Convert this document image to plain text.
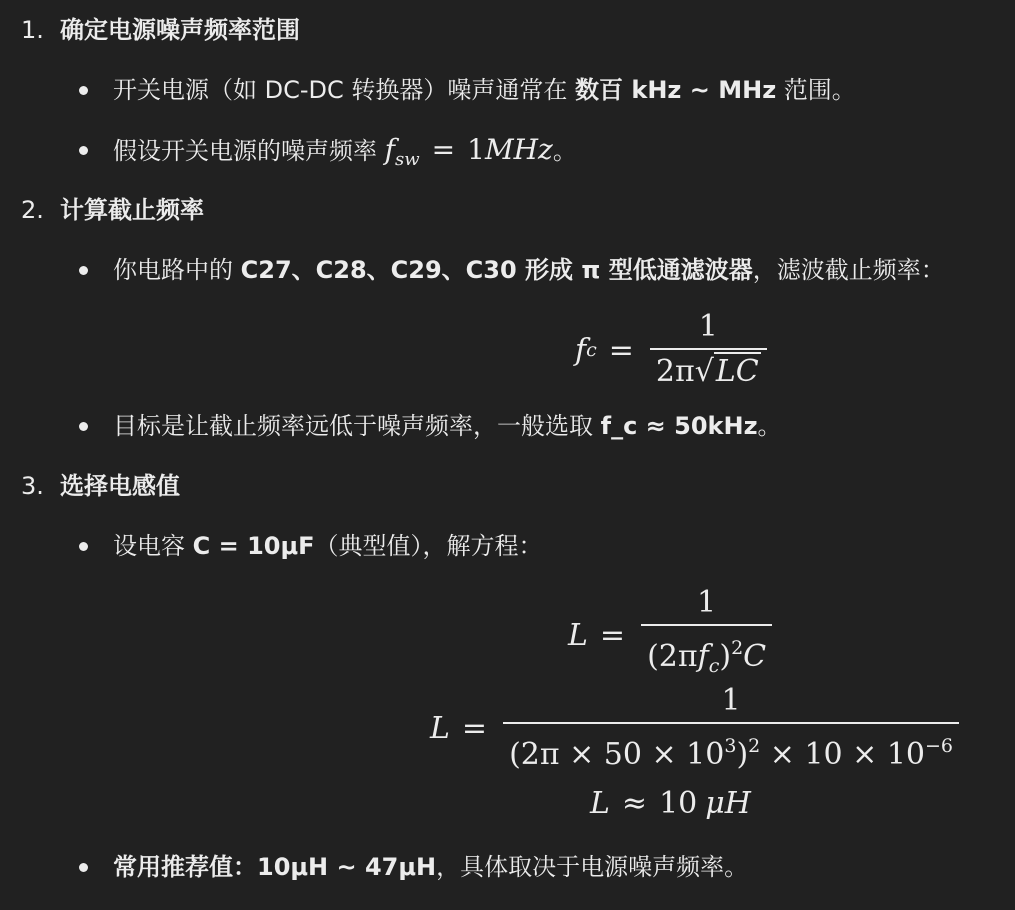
1. 确定电源噪声频率范围
开关电源（如 DC-DC 转换器）噪声通常在 数百 kHz ~ MHz 范围。
假设开关电源的噪声频率 $f_{sw} = 1MHz$。
2. 计算截止频率
你电路中的 C27、C28、C29、C30 形成 π 型低通滤波器，滤波截止频率：
f $c = \frac{1}{2\pi√LC}$
目标是让截止频率远低于噪声频率，一般选取 f_c ≈ 50kHz。
3. 选择电感值
设电容 C = 10μF（典型值），解方程：
$L = \frac{1}{(2\pi f_c)^2C}$
$L = \frac{1}{(2\pi \times 50 \times 10^3)^2 \times 10 \times 10^{-6}}$
L ≈ 10 μH
常用推荐值：10μH ~ 47μH，具体取决于电源噪声频率。
